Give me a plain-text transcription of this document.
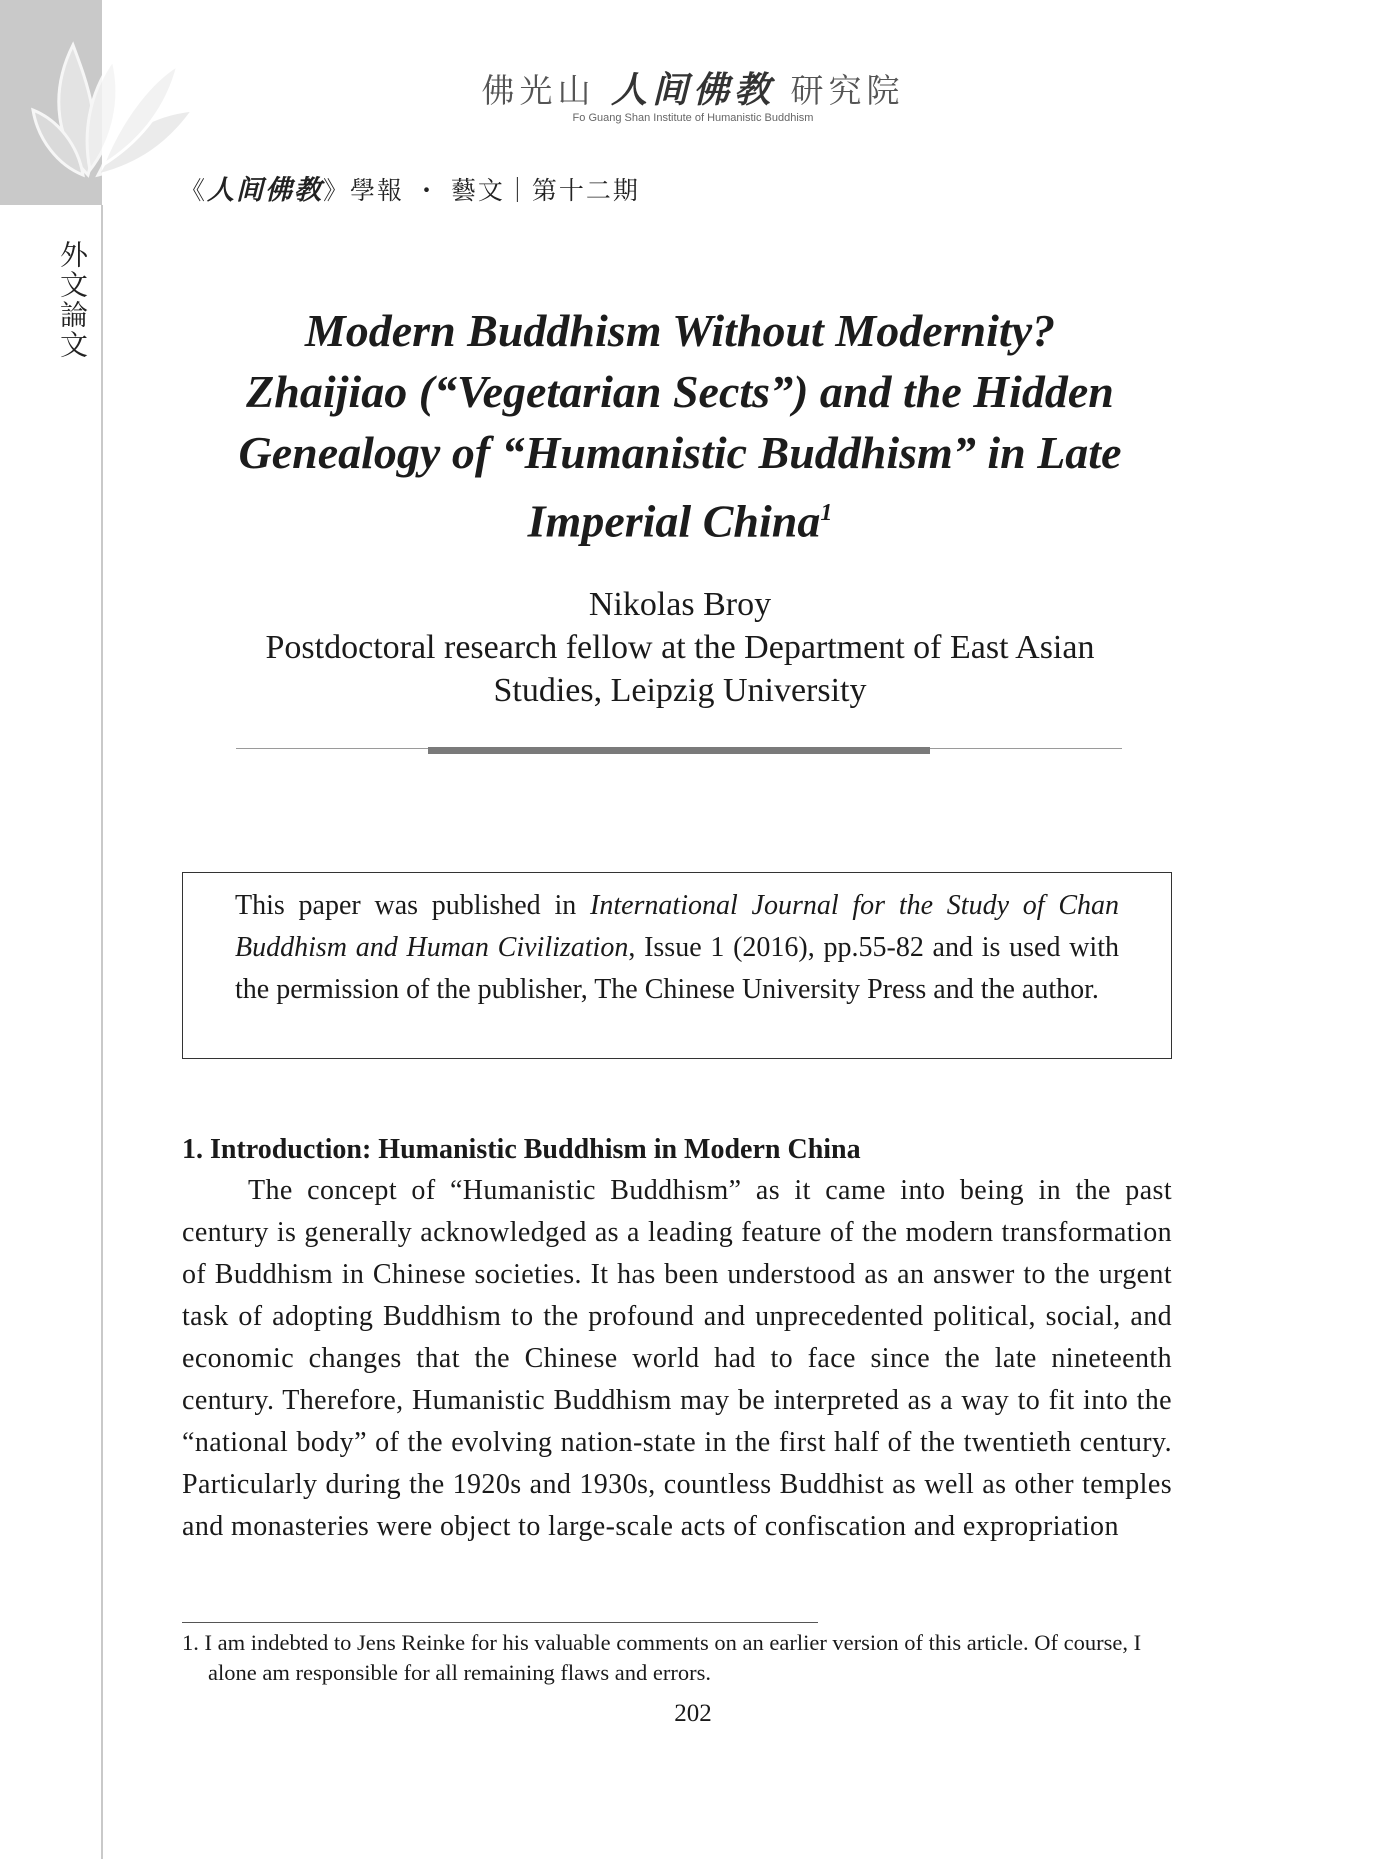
外文論文
佛光山 人间佛教 研究院
Fo Guang Shan Institute of Humanistic Buddhism
《人间佛教》學報 ・ 藝文｜第十二期
Modern Buddhism Without Modernity?
Zhaijiao (“Vegetarian Sects”) and the Hidden
Genealogy of “Humanistic Buddhism” in Late
Imperial China$^1$
Nikolas Broy
Postdoctoral research fellow at the Department of East Asian
Studies, Leipzig University
This paper was published in International Journal for the Study of Chan Buddhism and Human Civilization, Issue 1 (2016), pp.55-82 and is used with the permission of the publisher, The Chinese University Press and the author.
1. Introduction: Humanistic Buddhism in Modern China
The concept of “Humanistic Buddhism” as it came into being in the past century is generally acknowledged as a leading feature of the modern transformation of Buddhism in Chinese societies. It has been understood as an answer to the urgent task of adopting Buddhism to the profound and unprecedented political, social, and economic changes that the Chinese world had to face since the late nineteenth century. Therefore, Humanistic Buddhism may be interpreted as a way to fit into the “national body” of the evolving nation-state in the first half of the twentieth century. Particularly during the 1920s and 1930s, countless Buddhist as well as other temples and monasteries were object to large-scale acts of confiscation and expropriation
1. I am indebted to Jens Reinke for his valuable comments on an earlier version of this article. Of course, I alone am responsible for all remaining flaws and errors.
202
